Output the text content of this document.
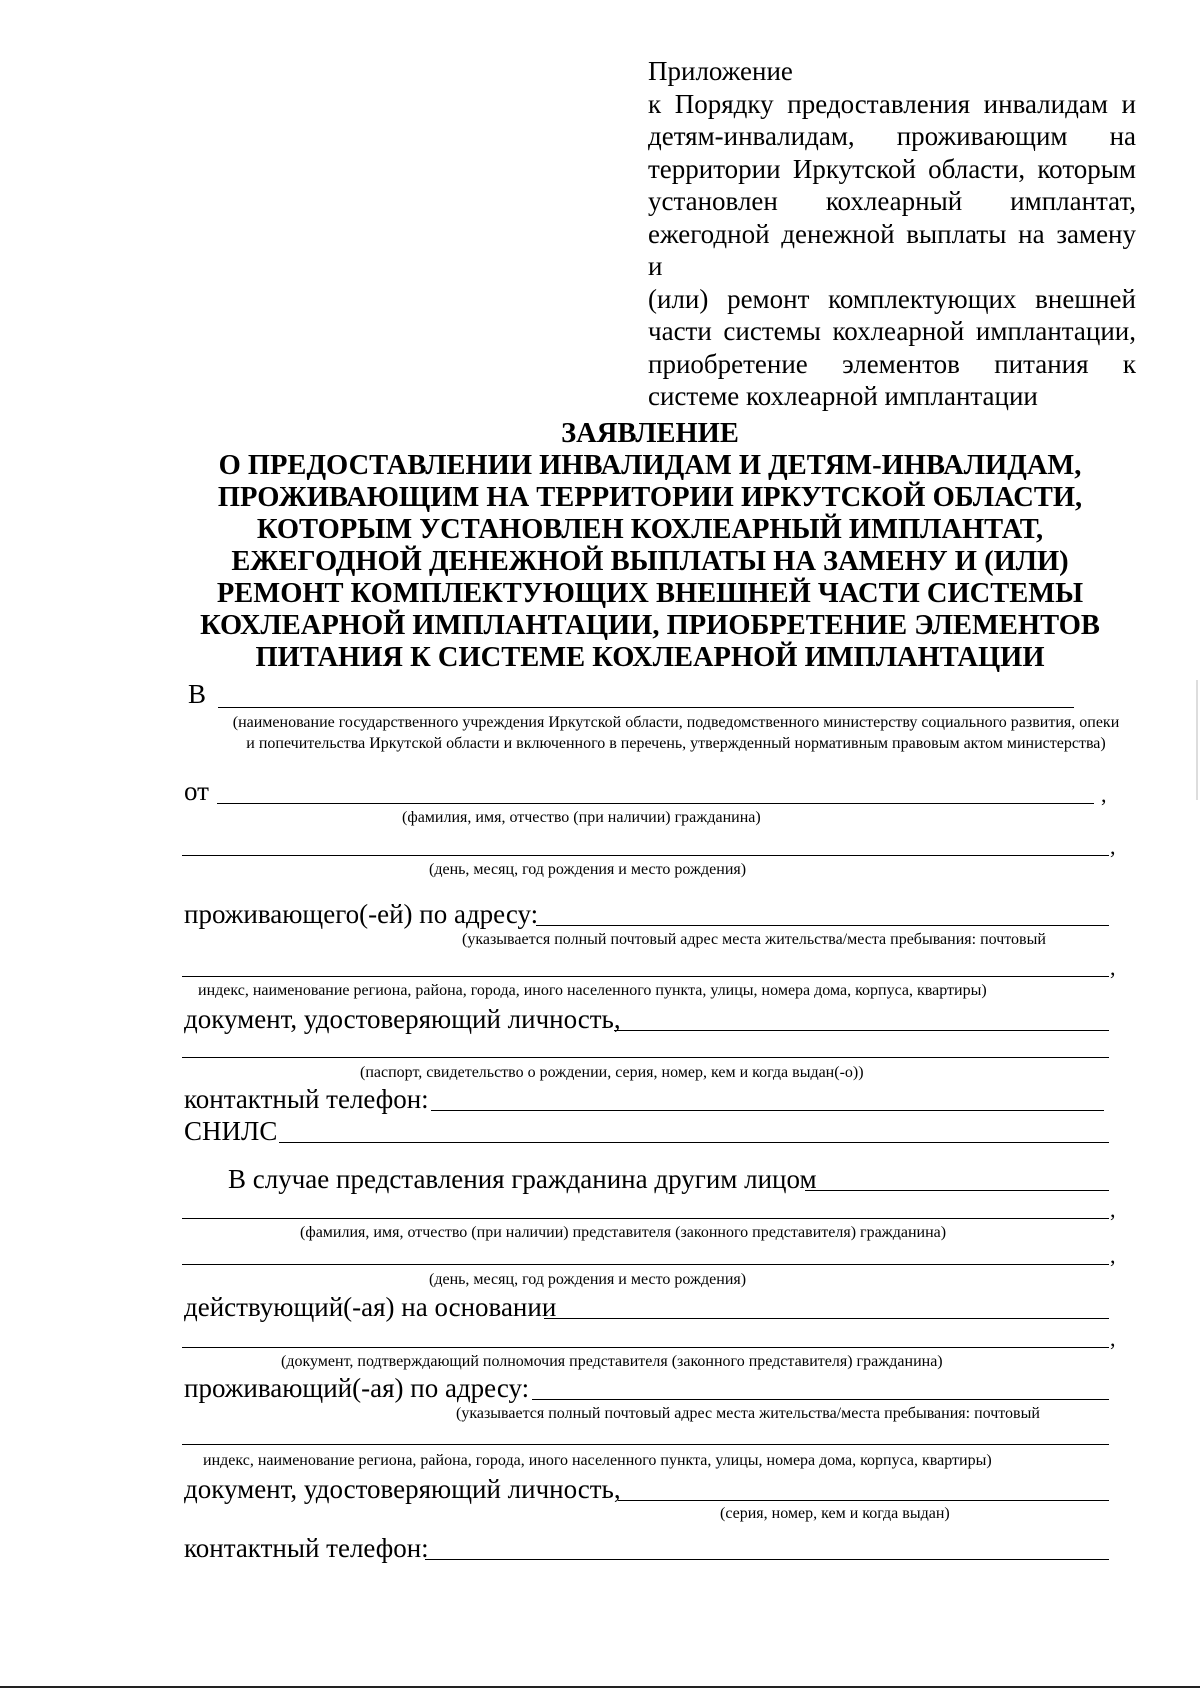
Приложение
к Порядку предоставления инвалидам и
детям-инвалидам, проживающим на
территории Иркутской области, которым
установлен кохлеарный имплантат,
ежегодной денежной выплаты на замену и
(или) ремонт комплектующих внешней
части системы кохлеарной имплантации,
приобретение элементов питания к
системе кохлеарной имплантации
ЗАЯВЛЕНИЕ
О ПРЕДОСТАВЛЕНИИ ИНВАЛИДАМ И ДЕТЯМ-ИНВАЛИДАМ,
ПРОЖИВАЮЩИМ НА ТЕРРИТОРИИ ИРКУТСКОЙ ОБЛАСТИ,
КОТОРЫМ УСТАНОВЛЕН КОХЛЕАРНЫЙ ИМПЛАНТАТ,
ЕЖЕГОДНОЙ ДЕНЕЖНОЙ ВЫПЛАТЫ НА ЗАМЕНУ И (ИЛИ)
РЕМОНТ КОМПЛЕКТУЮЩИХ ВНЕШНЕЙ ЧАСТИ СИСТЕМЫ
КОХЛЕАРНОЙ ИМПЛАНТАЦИИ, ПРИОБРЕТЕНИЕ ЭЛЕМЕНТОВ
ПИТАНИЯ К СИСТЕМЕ КОХЛЕАРНОЙ ИМПЛАНТАЦИИ
В
(наименование государственного учреждения Иркутской области, подведомственного министерству социального развития, опеки и попечительства Иркутской области и включенного в перечень, утвержденный нормативным правовым актом министерства)
от	,
(фамилия, имя, отчество (при наличии) гражданина)
,
(день, месяц, год рождения и место рождения)
проживающего(-ей) по адресу:
(указывается полный почтовый адрес места жительства/места пребывания: почтовый
,
индекс, наименование региона, района, города, иного населенного пункта, улицы, номера дома, корпуса, квартиры)
документ, удостоверяющий личность,
(паспорт, свидетельство о рождении, серия, номер, кем и когда выдан(-о))
контактный телефон:
СНИЛС
В случае представления гражданина другим лицом
,
(фамилия, имя, отчество (при наличии) представителя (законного представителя) гражданина)
,
(день, месяц, год рождения и место рождения)
действующий(-ая) на основании
,
(документ, подтверждающий полномочия представителя (законного представителя) гражданина)
проживающий(-ая) по адресу:
(указывается полный почтовый адрес места жительства/места пребывания: почтовый
индекс, наименование региона, района, города, иного населенного пункта, улицы, номера дома, корпуса, квартиры)
документ, удостоверяющий личность,
(серия, номер, кем и когда выдан)
контактный телефон:
